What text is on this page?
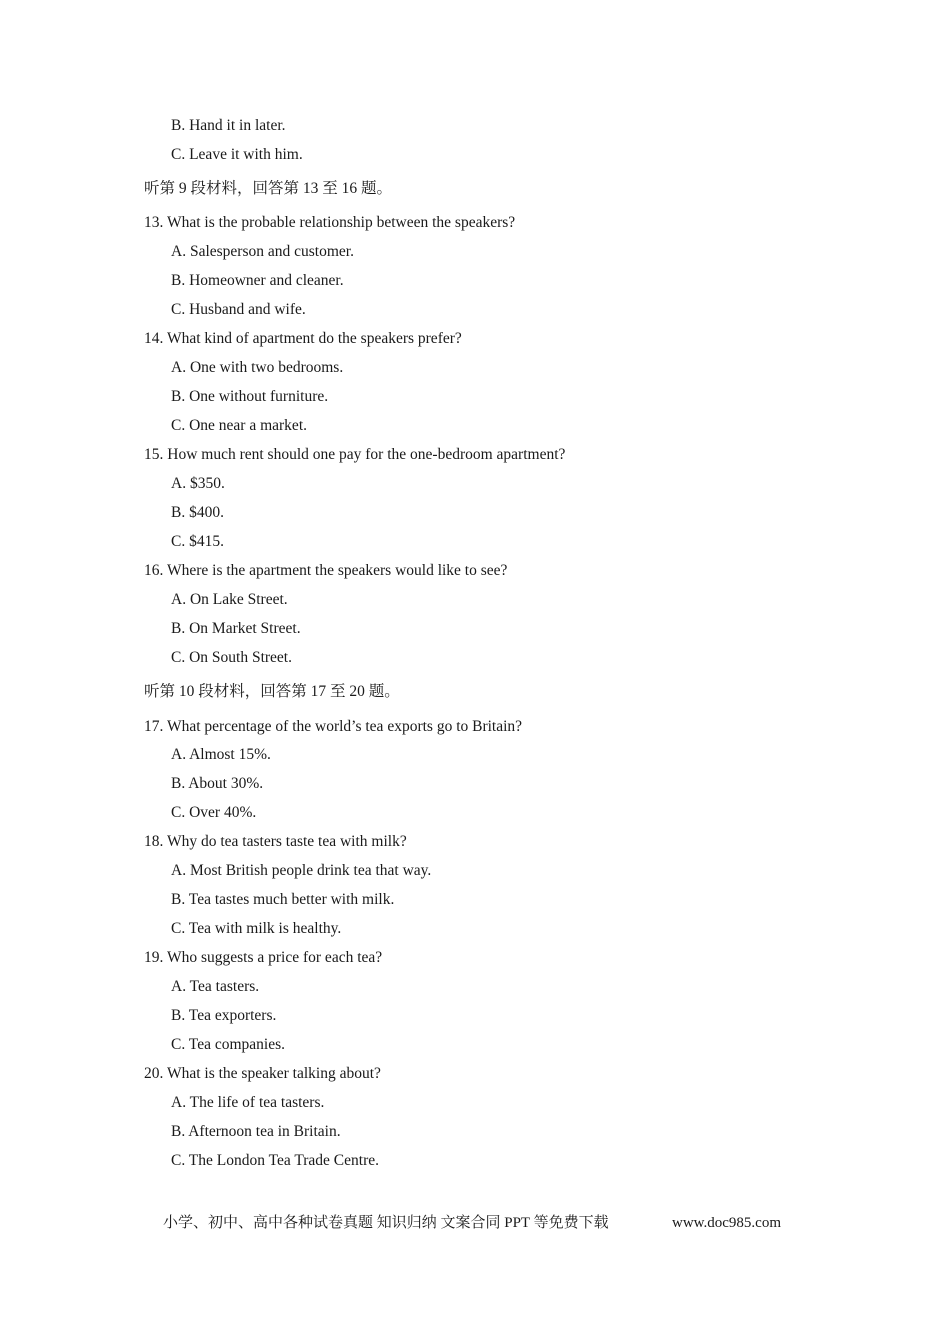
B. Hand it in later.
C. Leave it with him.
听第 9 段材料，回答第 13 至 16 题。
13. What is the probable relationship between the speakers?
A. Salesperson and customer.
B. Homeowner and cleaner.
C. Husband and wife.
14. What kind of apartment do the speakers prefer?
A. One with two bedrooms.
B. One without furniture.
C. One near a market.
15. How much rent should one pay for the one-bedroom apartment?
A. $350.
B. $400.
C. $415.
16. Where is the apartment the speakers would like to see?
A. On Lake Street.
B. On Market Street.
C. On South Street.
听第 10 段材料，回答第 17 至 20 题。
17. What percentage of the world’s tea exports go to Britain?
A. Almost 15%.
B. About 30%.
C. Over 40%.
18. Why do tea tasters taste tea with milk?
A. Most British people drink tea that way.
B. Tea tastes much better with milk.
C. Tea with milk is healthy.
19. Who suggests a price for each tea?
A. Tea tasters.
B. Tea exporters.
C. Tea companies.
20. What is the speaker talking about?
A. The life of tea tasters.
B. Afternoon tea in Britain.
C. The London Tea Trade Centre.
小学、初中、高中各种试卷真题 知识归纳 文案合同 PPT 等免费下载	www.doc985.com
